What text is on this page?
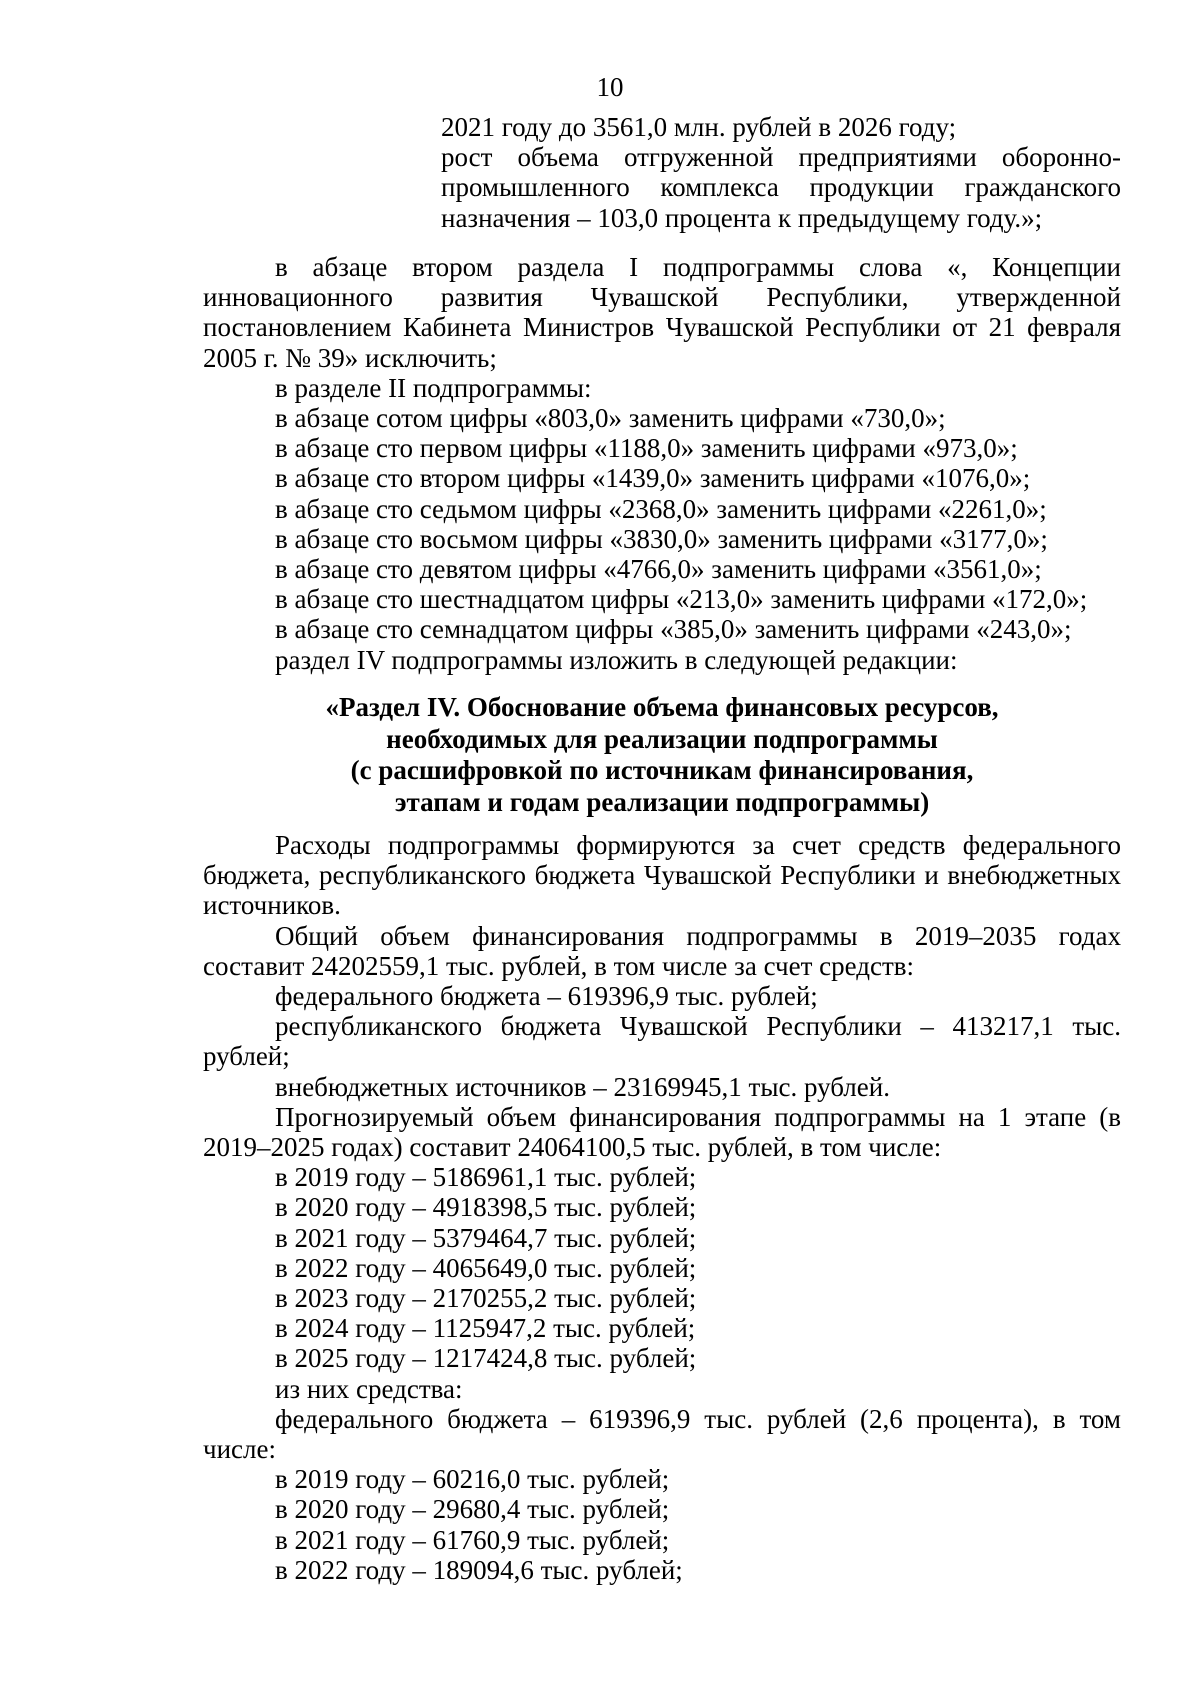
10

2021 году до 3561,0 млн. рублей в 2026 году;

рост объема отгруженной предприятиями оборонно-промышленного комплекса продукции гражданского назначения – 103,0 процента к предыдущему году.»;

в абзаце втором раздела I подпрограммы слова «, Концепции инновационного развития Чувашской Республики, утвержденной постановлением Кабинета Министров Чувашской Республики от 21 февраля 2005 г. № 39» исключить;

в разделе II подпрограммы:

в абзаце сотом цифры «803,0» заменить цифрами «730,0»;

в абзаце сто первом цифры «1188,0» заменить цифрами «973,0»;

в абзаце сто втором цифры «1439,0» заменить цифрами «1076,0»;

в абзаце сто седьмом цифры «2368,0» заменить цифрами «2261,0»;

в абзаце сто восьмом цифры «3830,0» заменить цифрами «3177,0»;

в абзаце сто девятом цифры «4766,0» заменить цифрами «3561,0»;

в абзаце сто шестнадцатом цифры «213,0» заменить цифрами «172,0»;

в абзаце сто семнадцатом цифры «385,0» заменить цифрами «243,0»;

раздел IV подпрограммы изложить в следующей редакции:

«Раздел IV. Обоснование объема финансовых ресурсов,
необходимых для реализации подпрограммы
(с расшифровкой по источникам финансирования,
этапам и годам реализации подпрограммы)

Расходы подпрограммы формируются за счет средств федерального бюджета, республиканского бюджета Чувашской Республики и внебюджетных источников.

Общий объем финансирования подпрограммы в 2019–2035 годах составит 24202559,1 тыс. рублей, в том числе за счет средств:

федерального бюджета – 619396,9 тыс. рублей;

республиканского бюджета Чувашской Республики – 413217,1 тыс. рублей;

внебюджетных источников – 23169945,1 тыс. рублей.

Прогнозируемый объем финансирования подпрограммы на 1 этапе (в 2019–2025 годах) составит 24064100,5 тыс. рублей, в том числе:

в 2019 году – 5186961,1 тыс. рублей;

в 2020 году – 4918398,5 тыс. рублей;

в 2021 году – 5379464,7 тыс. рублей;

в 2022 году – 4065649,0 тыс. рублей;

в 2023 году – 2170255,2 тыс. рублей;

в 2024 году – 1125947,2 тыс. рублей;

в 2025 году – 1217424,8 тыс. рублей;

из них средства:

федерального бюджета – 619396,9 тыс. рублей (2,6 процента), в том числе:

в 2019 году – 60216,0 тыс. рублей;

в 2020 году – 29680,4 тыс. рублей;

в 2021 году – 61760,9 тыс. рублей;

в 2022 году – 189094,6 тыс. рублей;
